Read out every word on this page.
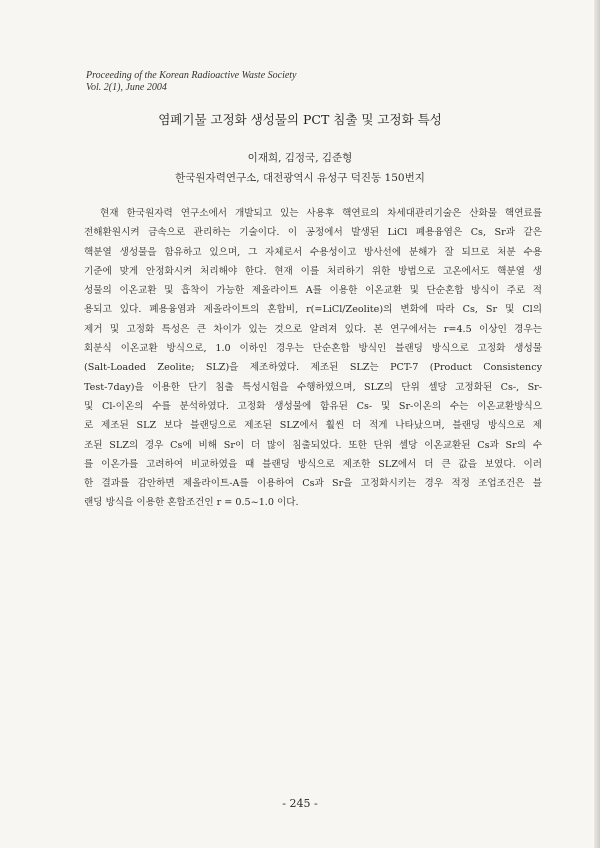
Proceeding of the Korean Radioactive Waste Society
Vol. 2(1), June 2004
염폐기물 고정화 생성물의 PCT 침출 및 고정화 특성
이재희, 김정국, 김준형
한국원자력연구소, 대전광역시 유성구 덕진동 150번지
현재 한국원자력 연구소에서 개발되고 있는 사용후 핵연료의 차세대관리기술은 산화물 핵연료를
전해환원시켜 금속으로 관리하는 기술이다. 이 공정에서 발생된 LiCl 폐용융염은 Cs, Sr과 같은
핵분열 생성물을 함유하고 있으며, 그 자체로서 수용성이고 방사선에 분해가 잘 되므로 처분 수용
기준에 맞게 안정화시켜 처리해야 한다. 현재 이를 처리하기 위한 방법으로 고온에서도 핵분열 생
성물의 이온교환 및 흡착이 가능한 제올라이트 A를 이용한 이온교환 및 단순혼합 방식이 주로 적
용되고 있다. 폐용융염과 제올라이트의 혼합비, r(=LiCl/Zeolite)의 변화에 따라 Cs, Sr 및 Cl의
제거 및 고정화 특성은 큰 차이가 있는 것으로 알려져 있다. 본 연구에서는 r=4.5 이상인 경우는
회분식 이온교환 방식으로, 1.0 이하인 경우는 단순혼합 방식인 블랜딩 방식으로 고정화 생성물
(Salt-Loaded Zeolite; SLZ)을 제조하였다. 제조된 SLZ는 PCT-7 (Product Consistency
Test-7day)을 이용한 단기 침출 특성시험을 수행하였으며, SLZ의 단위 셀당 고정화된 Cs-, Sr-
및 Cl-이온의 수를 분석하였다. 고정화 생성물에 함유된 Cs- 및 Sr-이온의 수는 이온교환방식으
로 제조된 SLZ 보다 블랜딩으로 제조된 SLZ에서 훨씬 더 적게 나타났으며, 블랜딩 방식으로 제
조된 SLZ의 경우 Cs에 비해 Sr이 더 많이 침출되었다. 또한 단위 셀당 이온교환된 Cs과 Sr의 수
를 이온가를 고려하여 비교하였을 때 블랜딩 방식으로 제조한 SLZ에서 더 큰 값을 보였다. 이러
한 결과를 감안하면 제올라이트-A를 이용하여 Cs과 Sr을 고정화시키는 경우 적정 조업조건은 블
랜딩 방식을 이용한 혼합조건인 r = 0.5~1.0 이다.
- 245 -
